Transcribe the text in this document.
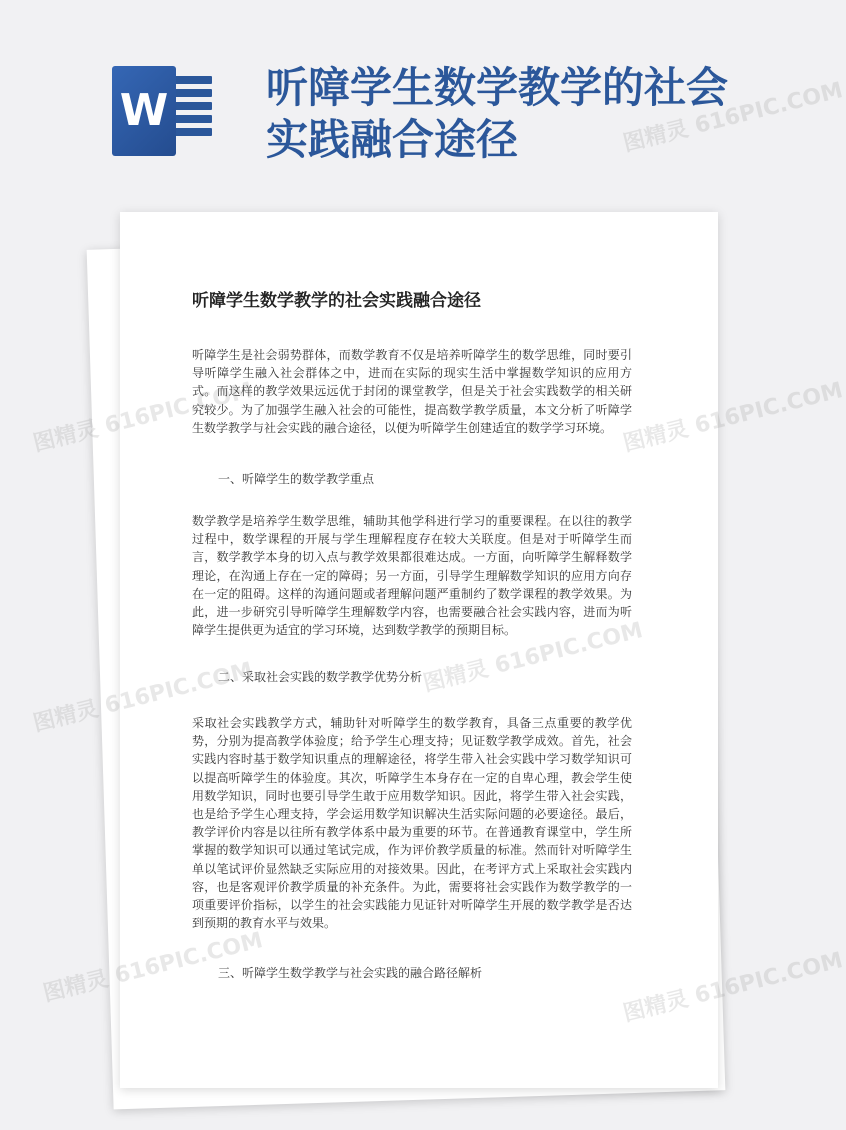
W 听障学生数学教学的社会实践融合途径
听障学生数学教学的社会实践融合途径
听障学生是社会弱势群体，而数学教育不仅是培养听障学生的数学思维，同时要引导听障学生融入社会群体之中，进而在实际的现实生活中掌握数学知识的应用方式。而这样的教学效果远远优于封闭的课堂教学，但是关于社会实践数学的相关研究较少。为了加强学生融入社会的可能性，提高数学教学质量，本文分析了听障学生数学教学与社会实践的融合途径，以便为听障学生创建适宜的数学学习环境。
一、听障学生的数学教学重点
数学教学是培养学生数学思维，辅助其他学科进行学习的重要课程。在以往的教学过程中，数学课程的开展与学生理解程度存在较大关联度。但是对于听障学生而言，数学教学本身的切入点与教学效果都很难达成。一方面，向听障学生解释数学理论，在沟通上存在一定的障碍；另一方面，引导学生理解数学知识的应用方向存在一定的阻碍。这样的沟通问题或者理解问题严重制约了数学课程的教学效果。为此，进一步研究引导听障学生理解数学内容，也需要融合社会实践内容，进而为听障学生提供更为适宜的学习环境，达到数学教学的预期目标。
二、采取社会实践的数学教学优势分析
采取社会实践教学方式，辅助针对听障学生的数学教育，具备三点重要的教学优势，分别为提高教学体验度；给予学生心理支持；见证数学教学成效。首先，社会实践内容时基于数学知识重点的理解途径，将学生带入社会实践中学习数学知识可以提高听障学生的体验度。其次，听障学生本身存在一定的自卑心理，教会学生使用数学知识，同时也要引导学生敢于应用数学知识。因此，将学生带入社会实践，也是给予学生心理支持，学会运用数学知识解决生活实际问题的必要途径。最后，教学评价内容是以往所有教学体系中最为重要的环节。在普通教育课堂中，学生所掌握的数学知识可以通过笔试完成，作为评价教学质量的标准。然而针对听障学生单以笔试评价显然缺乏实际应用的对接效果。因此，在考评方式上采取社会实践内容，也是客观评价教学质量的补充条件。为此，需要将社会实践作为数学教学的一项重要评价指标，以学生的社会实践能力见证针对听障学生开展的数学教学是否达到预期的教育水平与效果。
三、听障学生数学教学与社会实践的融合路径解析
图精灵 616PIC.COM
图精灵 616PIC.COM
图精灵 616PIC.COM
图精灵 616PIC.COM
图精灵 616PIC.COM
图精灵 616PIC.COM	图精灵 616PIC.COM
